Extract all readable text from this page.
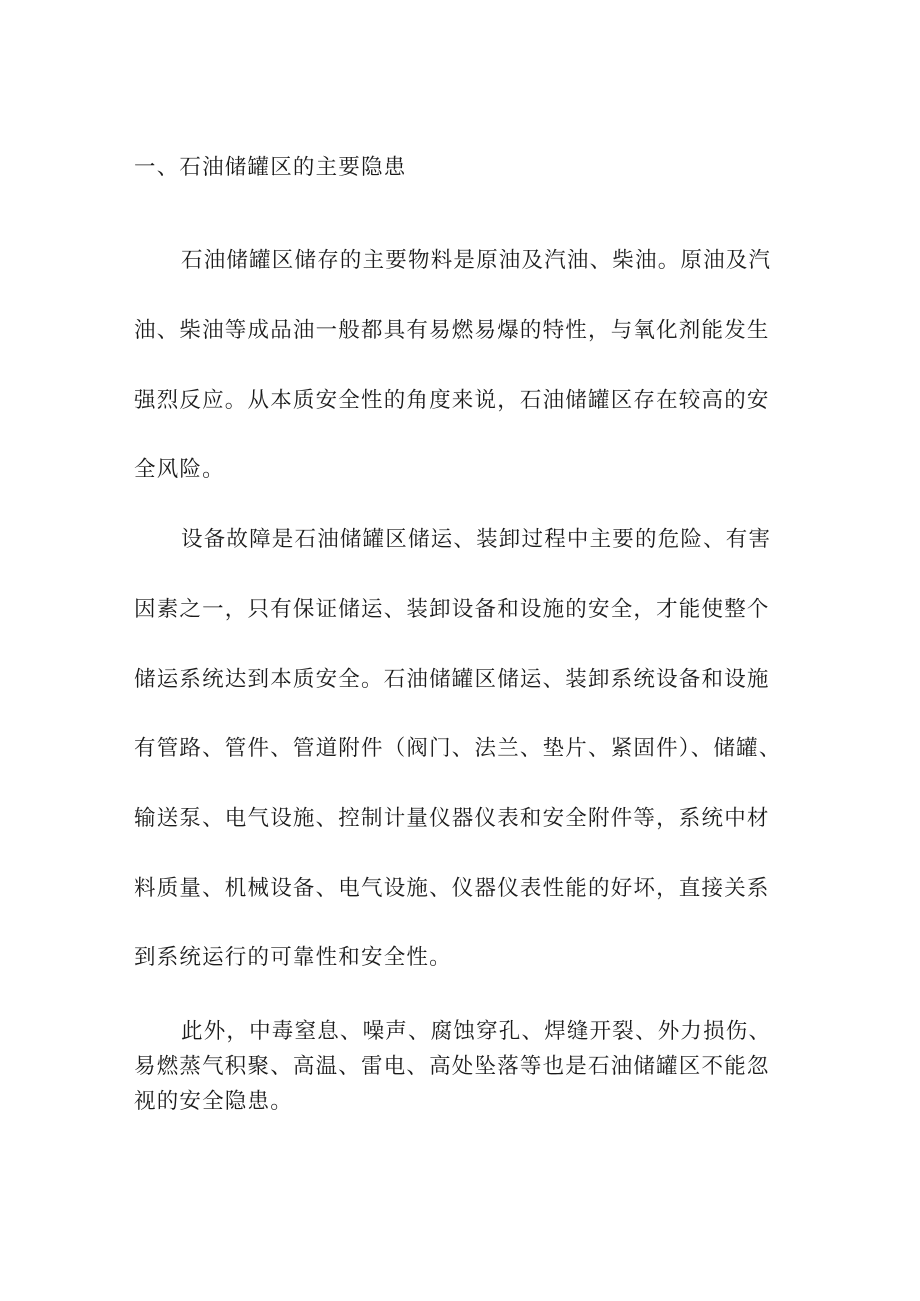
一、石油储罐区的主要隐患

石油储罐区储存的主要物料是原油及汽油、柴油。原油及汽

油、柴油等成品油一般都具有易燃易爆的特性，与氧化剂能发生

强烈反应。从本质安全性的角度来说，石油储罐区存在较高的安

全风险。

设备故障是石油储罐区储运、装卸过程中主要的危险、有害

因素之一，只有保证储运、装卸设备和设施的安全，才能使整个

储运系统达到本质安全。石油储罐区储运、装卸系统设备和设施

有管路、管件、管道附件（阀门、法兰、垫片、紧固件）、储罐、

输送泵、电气设施、控制计量仪器仪表和安全附件等，系统中材

料质量、机械设备、电气设施、仪器仪表性能的好坏，直接关系

到系统运行的可靠性和安全性。

此外，中毒窒息、噪声、腐蚀穿孔、焊缝开裂、外力损伤、

易燃蒸气积聚、高温、雷电、高处坠落等也是石油储罐区不能忽

视的安全隐患。
